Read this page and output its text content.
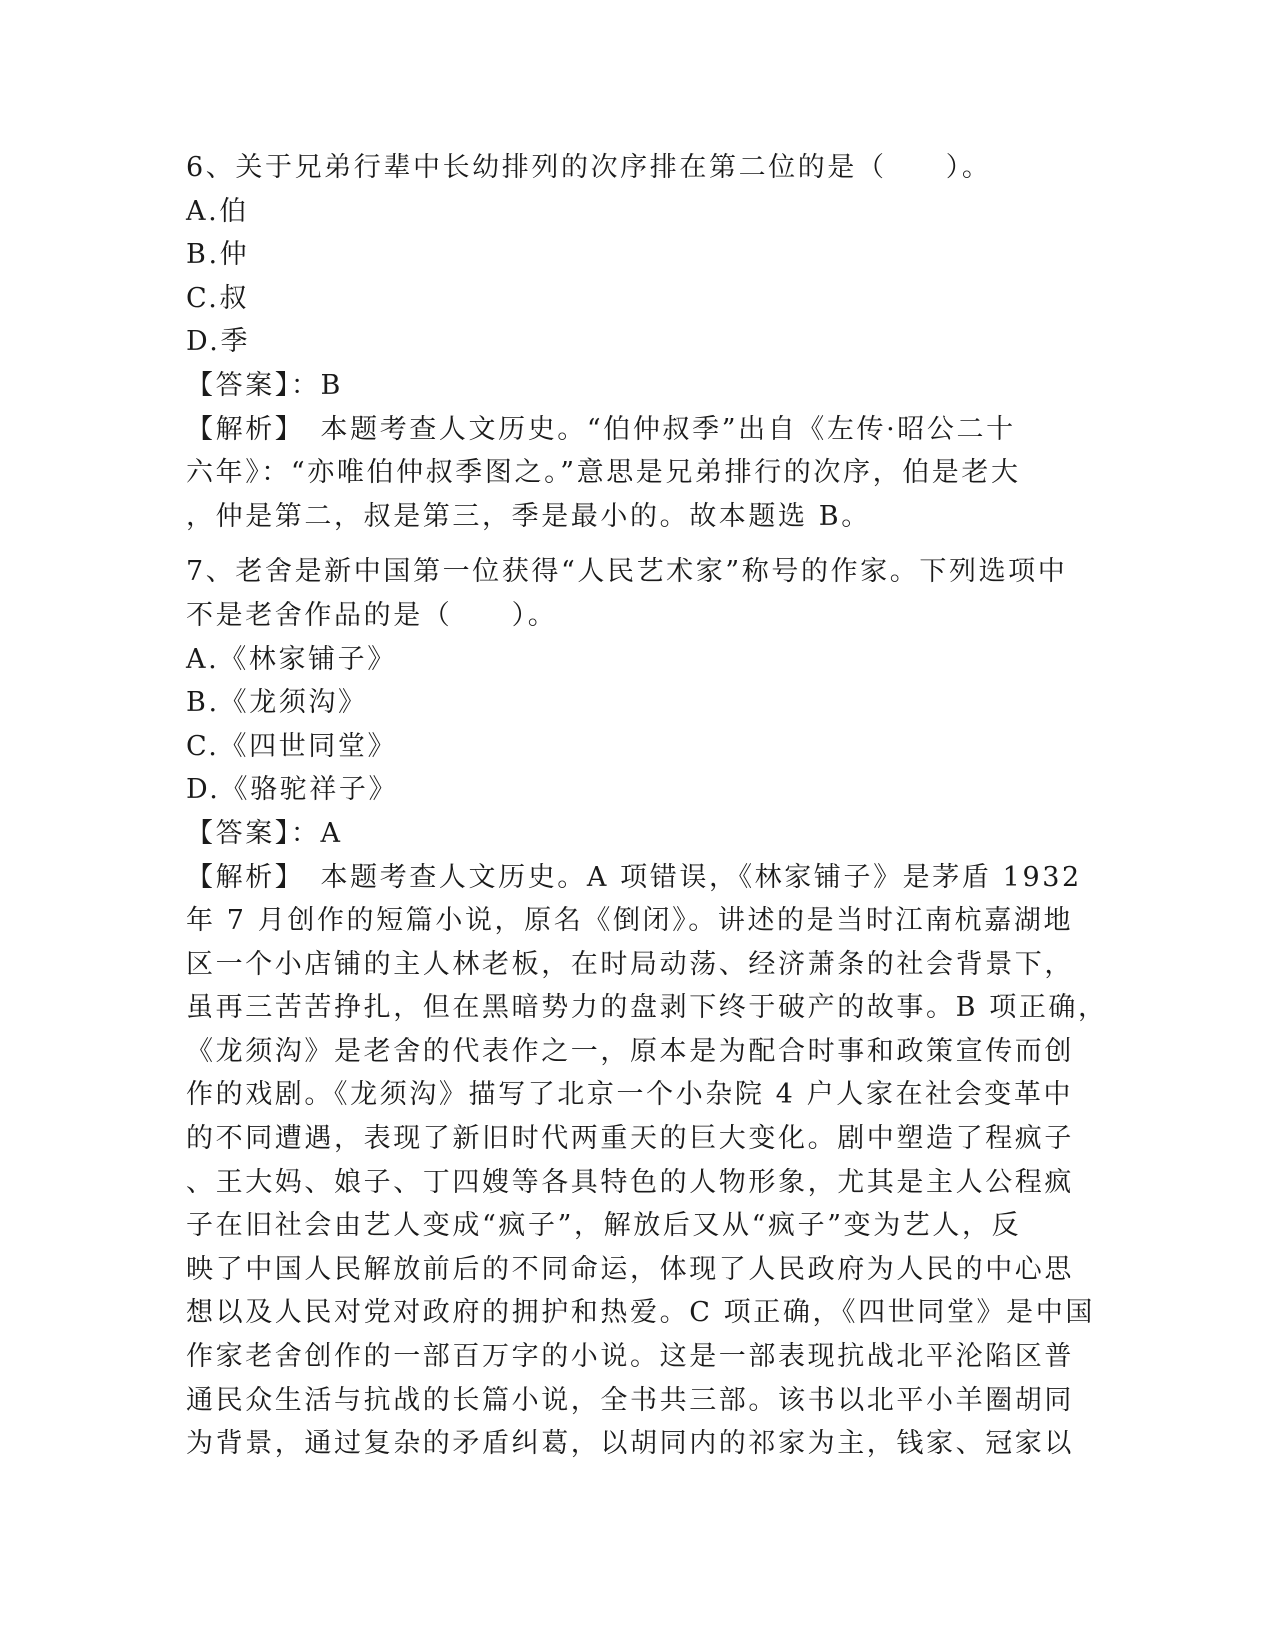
6、关于兄弟行辈中长幼排列的次序排在第二位的是（　　）。
A.伯
B.仲
C.叔
D.季
【答案】：B
【解析】　本题考查人文历史。“伯仲叔季”出自《左传·昭公二十
六年》：“亦唯伯仲叔季图之。”意思是兄弟排行的次序，伯是老大
，仲是第二，叔是第三，季是最小的。故本题选 B。
7、老舍是新中国第一位获得“人民艺术家”称号的作家。下列选项中
不是老舍作品的是（　　）。
A.《林家铺子》
B.《龙须沟》
C.《四世同堂》
D.《骆驼祥子》
【答案】：A
【解析】　本题考查人文历史。A 项错误，《林家铺子》是茅盾 1932
年 7 月创作的短篇小说，原名《倒闭》。讲述的是当时江南杭嘉湖地
区一个小店铺的主人林老板，在时局动荡、经济萧条的社会背景下，
虽再三苦苦挣扎，但在黑暗势力的盘剥下终于破产的故事。B 项正确，
《龙须沟》是老舍的代表作之一，原本是为配合时事和政策宣传而创
作的戏剧。《龙须沟》描写了北京一个小杂院 4 户人家在社会变革中
的不同遭遇，表现了新旧时代两重天的巨大变化。剧中塑造了程疯子
、王大妈、娘子、丁四嫂等各具特色的人物形象，尤其是主人公程疯
子在旧社会由艺人变成“疯子”，解放后又从“疯子”变为艺人，反
映了中国人民解放前后的不同命运，体现了人民政府为人民的中心思
想以及人民对党对政府的拥护和热爱。C 项正确，《四世同堂》是中国
作家老舍创作的一部百万字的小说。这是一部表现抗战北平沦陷区普
通民众生活与抗战的长篇小说，全书共三部。该书以北平小羊圈胡同
为背景，通过复杂的矛盾纠葛，以胡同内的祁家为主，钱家、冠家以
